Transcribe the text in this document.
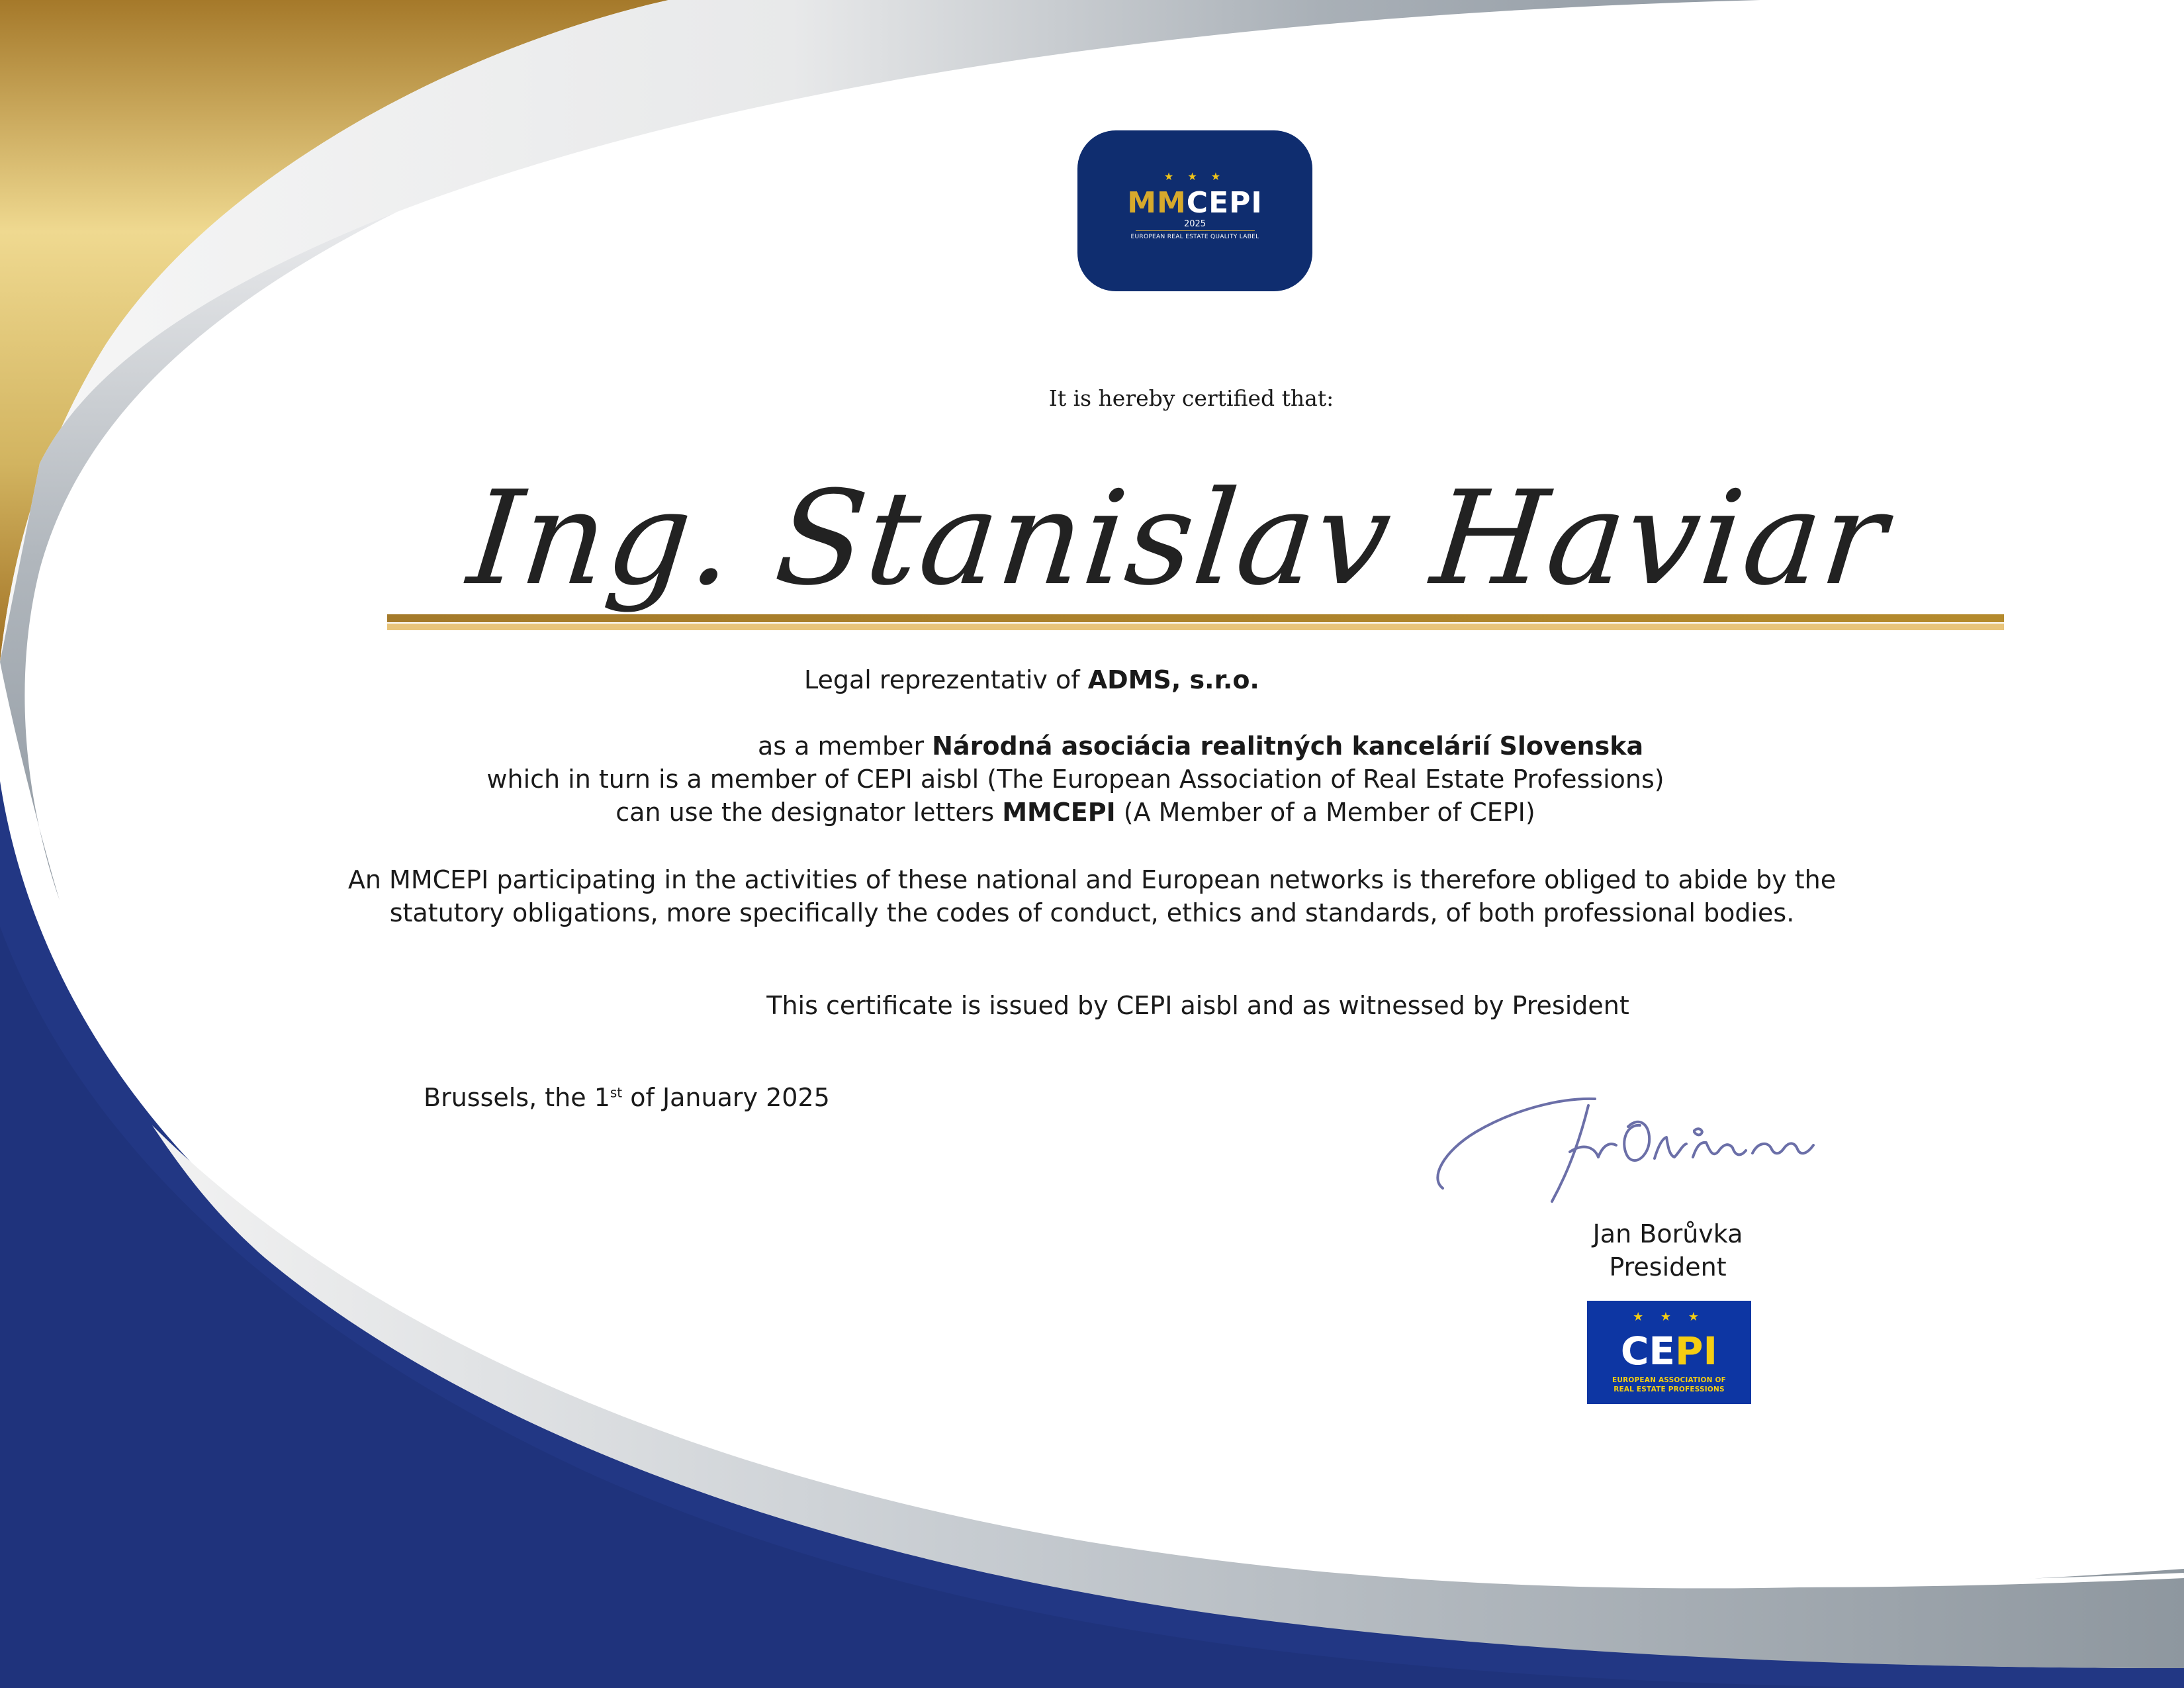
★ ★ ★
MMCEPI
2025
EUROPEAN REAL ESTATE QUALITY LABEL
It is hereby certified that:
Ing. Stanislav Haviar
Legal reprezentativ of ADMS, s.r.o.
as a member Národná asociácia realitných kancelárií Slovenska
which in turn is a member of CEPI aisbl (The European Association of Real Estate Professions)
can use the designator letters MMCEPI (A Member of a Member of CEPI)
An MMCEPI participating in the activities of these national and European networks is therefore obliged to abide by the
statutory obligations, more specifically the codes of conduct, ethics and standards, of both professional bodies.
This certificate is issued by CEPI aisbl and as witnessed by President
Brussels, the 1st of January 2025
Jan Borůvka
President
★ ★ ★
CEPI
EUROPEAN ASSOCIATION OF
REAL ESTATE PROFESSIONS
